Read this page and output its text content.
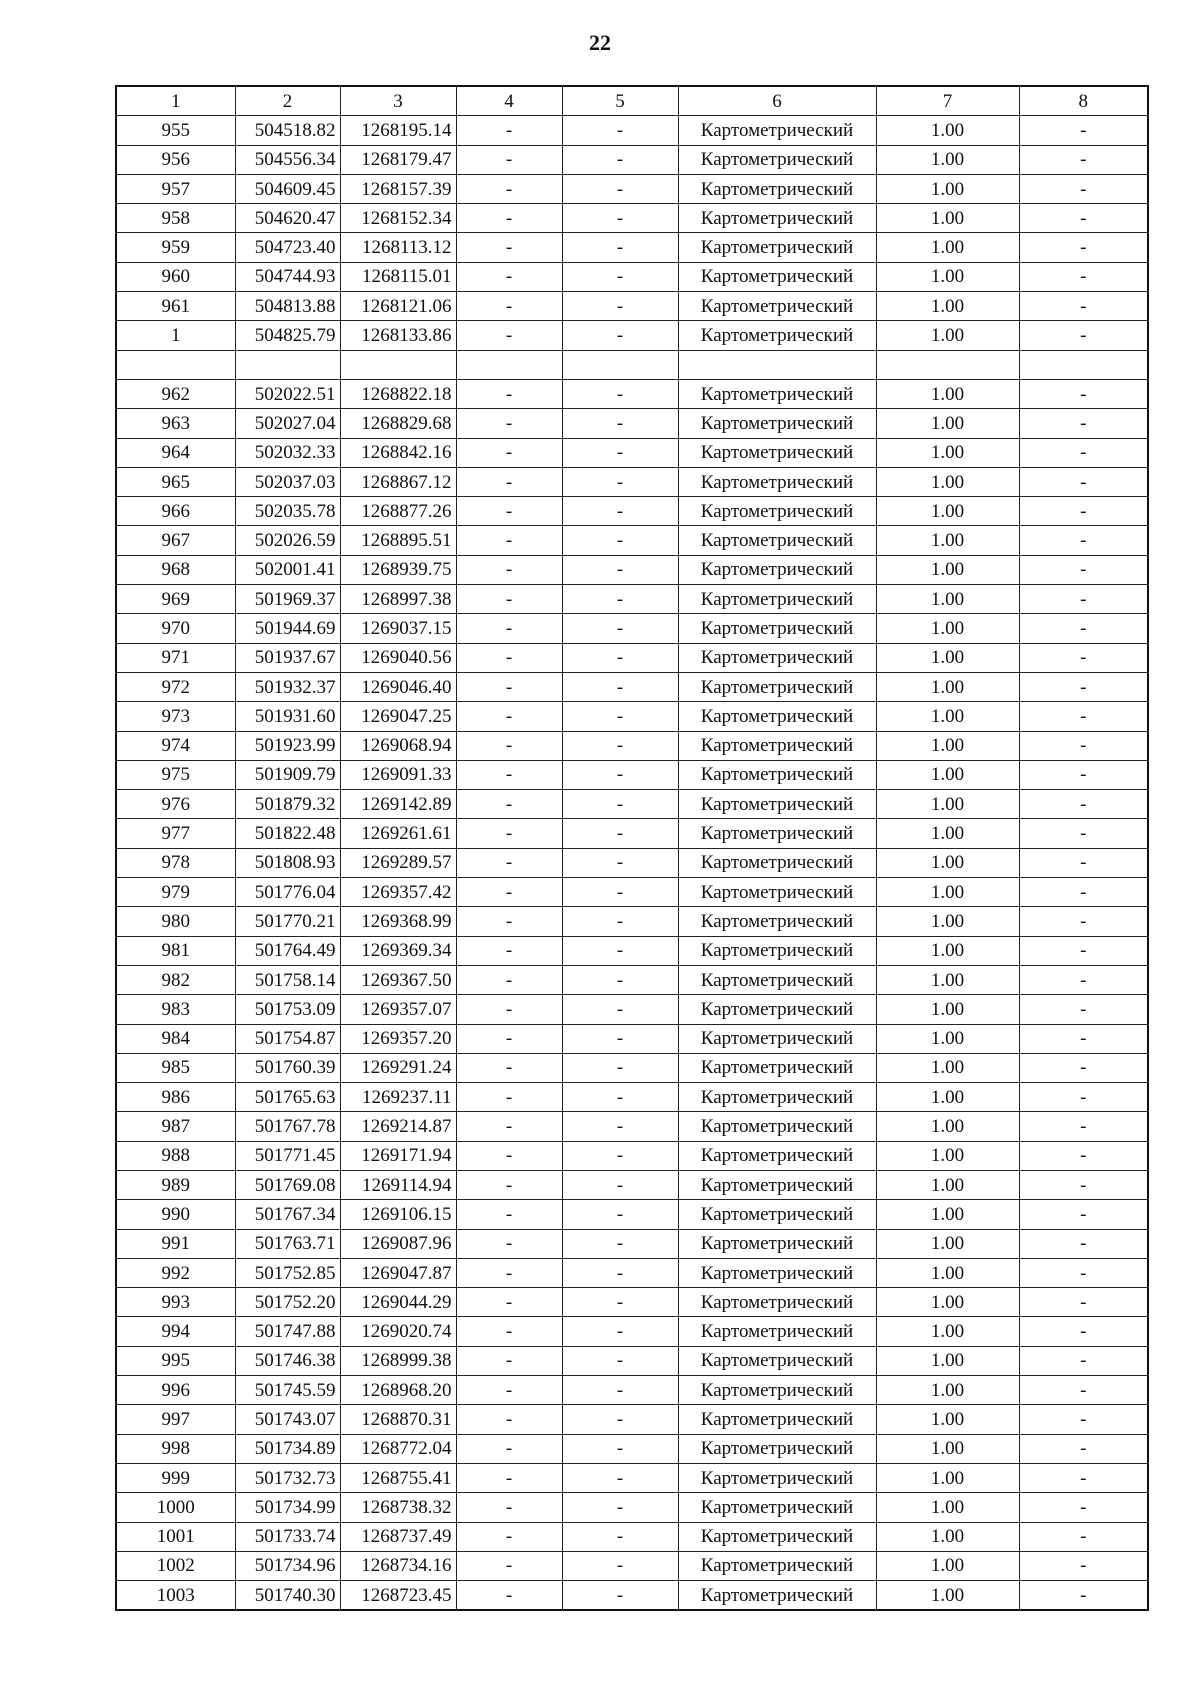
22
1	2	3	4	5	6	7	8
955	504518.82	1268195.14	-	-	Картометрический	1.00	-
956	504556.34	1268179.47	-	-	Картометрический	1.00	-
957	504609.45	1268157.39	-	-	Картометрический	1.00	-
958	504620.47	1268152.34	-	-	Картометрический	1.00	-
959	504723.40	1268113.12	-	-	Картометрический	1.00	-
960	504744.93	1268115.01	-	-	Картометрический	1.00	-
961	504813.88	1268121.06	-	-	Картометрический	1.00	-
1	504825.79	1268133.86	-	-	Картометрический	1.00	-

962	502022.51	1268822.18	-	-	Картометрический	1.00	-
963	502027.04	1268829.68	-	-	Картометрический	1.00	-
964	502032.33	1268842.16	-	-	Картометрический	1.00	-
965	502037.03	1268867.12	-	-	Картометрический	1.00	-
966	502035.78	1268877.26	-	-	Картометрический	1.00	-
967	502026.59	1268895.51	-	-	Картометрический	1.00	-
968	502001.41	1268939.75	-	-	Картометрический	1.00	-
969	501969.37	1268997.38	-	-	Картометрический	1.00	-
970	501944.69	1269037.15	-	-	Картометрический	1.00	-
971	501937.67	1269040.56	-	-	Картометрический	1.00	-
972	501932.37	1269046.40	-	-	Картометрический	1.00	-
973	501931.60	1269047.25	-	-	Картометрический	1.00	-
974	501923.99	1269068.94	-	-	Картометрический	1.00	-
975	501909.79	1269091.33	-	-	Картометрический	1.00	-
976	501879.32	1269142.89	-	-	Картометрический	1.00	-
977	501822.48	1269261.61	-	-	Картометрический	1.00	-
978	501808.93	1269289.57	-	-	Картометрический	1.00	-
979	501776.04	1269357.42	-	-	Картометрический	1.00	-
980	501770.21	1269368.99	-	-	Картометрический	1.00	-
981	501764.49	1269369.34	-	-	Картометрический	1.00	-
982	501758.14	1269367.50	-	-	Картометрический	1.00	-
983	501753.09	1269357.07	-	-	Картометрический	1.00	-
984	501754.87	1269357.20	-	-	Картометрический	1.00	-
985	501760.39	1269291.24	-	-	Картометрический	1.00	-
986	501765.63	1269237.11	-	-	Картометрический	1.00	-
987	501767.78	1269214.87	-	-	Картометрический	1.00	-
988	501771.45	1269171.94	-	-	Картометрический	1.00	-
989	501769.08	1269114.94	-	-	Картометрический	1.00	-
990	501767.34	1269106.15	-	-	Картометрический	1.00	-
991	501763.71	1269087.96	-	-	Картометрический	1.00	-
992	501752.85	1269047.87	-	-	Картометрический	1.00	-
993	501752.20	1269044.29	-	-	Картометрический	1.00	-
994	501747.88	1269020.74	-	-	Картометрический	1.00	-
995	501746.38	1268999.38	-	-	Картометрический	1.00	-
996	501745.59	1268968.20	-	-	Картометрический	1.00	-
997	501743.07	1268870.31	-	-	Картометрический	1.00	-
998	501734.89	1268772.04	-	-	Картометрический	1.00	-
999	501732.73	1268755.41	-	-	Картометрический	1.00	-
1000	501734.99	1268738.32	-	-	Картометрический	1.00	-
1001	501733.74	1268737.49	-	-	Картометрический	1.00	-
1002	501734.96	1268734.16	-	-	Картометрический	1.00	-
1003	501740.30	1268723.45	-	-	Картометрический	1.00	-
